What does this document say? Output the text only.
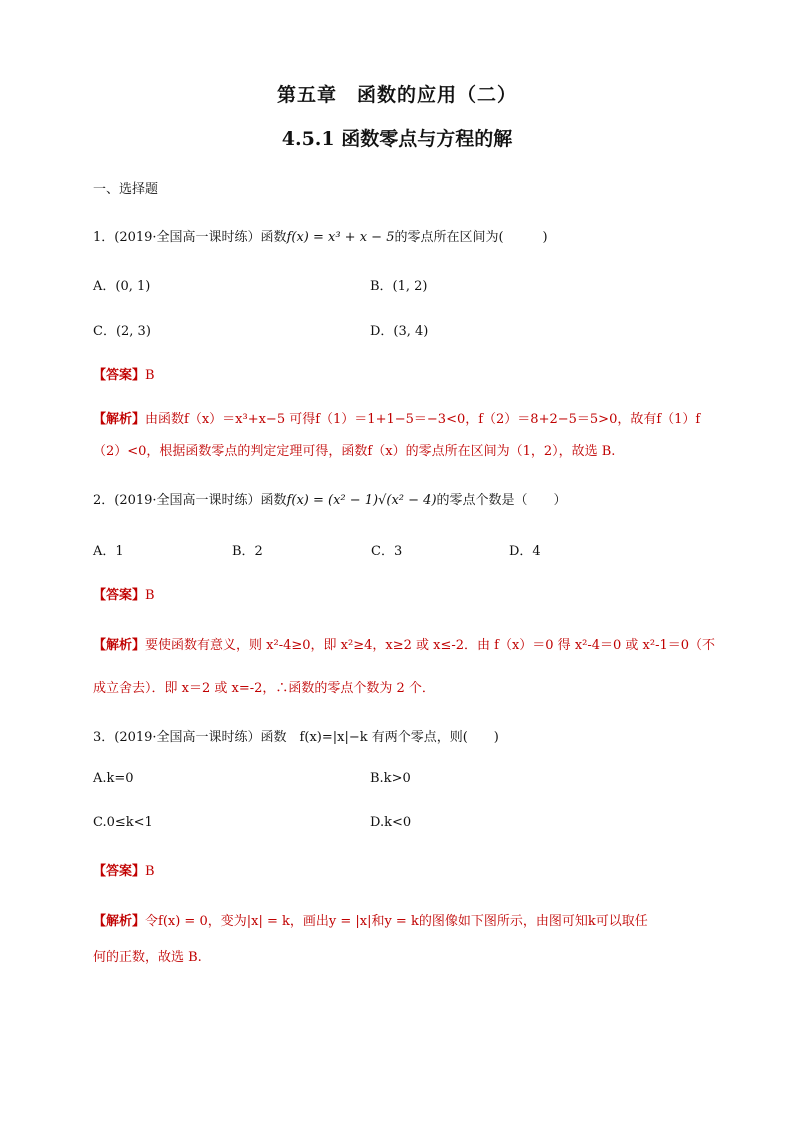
第五章　函数的应用（二）
4.5.1 函数零点与方程的解
一、选择题
1．(2019·全国高一课时练）函数f(x) = x³ + x − 5的零点所在区间为(　　　)
A．(0, 1)	B．(1, 2)
C．(2, 3)	D．(3, 4)
【答案】B
【解析】由函数f（x）＝x³+x−5 可得f（1）＝1+1−5＝−3<0，f（2）＝8+2−5＝5>0，故有f（1）f
（2）<0，根据函数零点的判定定理可得，函数f（x）的零点所在区间为（1，2），故选 B.
2．(2019·全国高一课时练）函数f(x) = (x² − 1)√(x² − 4)的零点个数是（　　）
A．1	B．2	C．3	D．4
【答案】B
【解析】要使函数有意义，则 x²-4≥0，即 x²≥4，x≥2 或 x≤-2．由 f（x）＝0 得 x²-4＝0 或 x²-1＝0（不
成立舍去）．即 x＝2 或 x=-2，∴函数的零点个数为 2 个．
3．(2019·全国高一课时练）函数　f(x)=|x|−k 有两个零点，则(　　)
A.k=0	B.k>0
C.0≤k<1	D.k<0
【答案】B
【解析】令f(x) = 0，变为|x| = k，画出y = |x|和y = k的图像如下图所示，由图可知k可以取任
何的正数，故选 B.
